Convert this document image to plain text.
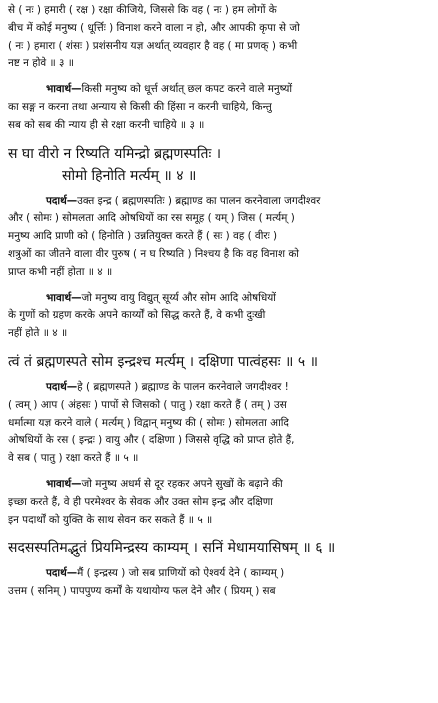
से ( नः ) हमारी ( रक्ष ) रक्षा कीजिये, जिससे कि वह ( नः ) हम लोगों के
बीच में कोई मनुष्य ( धूर्त्तिः ) विनाश करने वाला न हो, और आपकी कृपा से जो
( नः ) हमारा ( शंसः ) प्रशंसनीय यज्ञ अर्थात् व्यवहार है वह ( मा प्रणक् ) कभी
नष्ट न होवे ॥ ३ ॥
भावार्थ—किसी मनुष्य को धूर्त्त अर्थात् छल कपट करने वाले मनुष्यों
का सङ्ग न करना तथा अन्याय से किसी की हिंसा न करनी चाहिये, किन्तु
सब को सब की न्याय ही से रक्षा करनी चाहिये ॥ ३ ॥
स घा वीरो न रिष्यति यमिन्द्रो ब्रह्मणस्पतिः ।
सोमो हिनोति मर्त्यम् ॥ ४ ॥
पदार्थ—उक्त इन्द्र ( ब्रह्मणस्पतिः ) ब्रह्माण्ड का पालन करनेवाला जगदीश्वर
और ( सोमः ) सोमलता आदि ओषधियों का रस समूह ( यम् ) जिस ( मर्त्यम् )
मनुष्य आदि प्राणी को ( हिनोति ) उन्नतियुक्त करते हैं ( सः ) वह ( वीरः )
शत्रुओं का जीतने वाला वीर पुरुष ( न घ रिष्यति ) निश्चय है कि वह विनाश को
प्राप्त कभी नहीं होता ॥ ४ ॥
भावार्थ—जो मनुष्य वायु विद्युत् सूर्य्य और सोम आदि ओषधियों
के गुणों को ग्रहण करके अपने कार्य्यों को सिद्ध करते हैं, वे कभी दुःखी
नहीं होते ॥ ४ ॥
त्वं तं ब्रह्मणस्पते सोम इन्द्रश्च मर्त्यम् । दक्षिणा पात्वंहसः ॥ ५ ॥
पदार्थ—हे ( ब्रह्मणस्पते ) ब्रह्माण्ड के पालन करनेवाले जगदीश्वर !
( त्वम् ) आप ( अंहसः ) पापों से जिसको ( पातु ) रक्षा करते हैं ( तम् ) उस
धर्मात्मा यज्ञ करने वाले ( मर्त्यम् ) विद्वान् मनुष्य की ( सोमः ) सोमलता आदि
ओषधियों के रस ( इन्द्रः ) वायु और ( दक्षिणा ) जिससे वृद्धि को प्राप्त होते हैं,
वे सब ( पातु ) रक्षा करते हैं ॥ ५ ॥
भावार्थ—जो मनुष्य अधर्म से दूर रहकर अपने सुखों के बढ़ाने की
इच्छा करते हैं, वे ही परमेश्वर के सेवक और उक्त सोम इन्द्र और दक्षिणा
इन पदार्थों को युक्ति के साथ सेवन कर सकते हैं ॥ ५ ॥
सदसस्पतिमद्भुतं प्रियमिन्द्रस्य काम्यम् । सनिं मेधामयासिषम् ॥ ६ ॥
पदार्थ—मैं ( इन्द्रस्य ) जो सब प्राणियों को ऐश्वर्य देने ( काम्यम् )
उत्तम ( सनिम् ) पापपुण्य कर्मों के यथायोग्य फल देने और ( प्रियम् ) सब
